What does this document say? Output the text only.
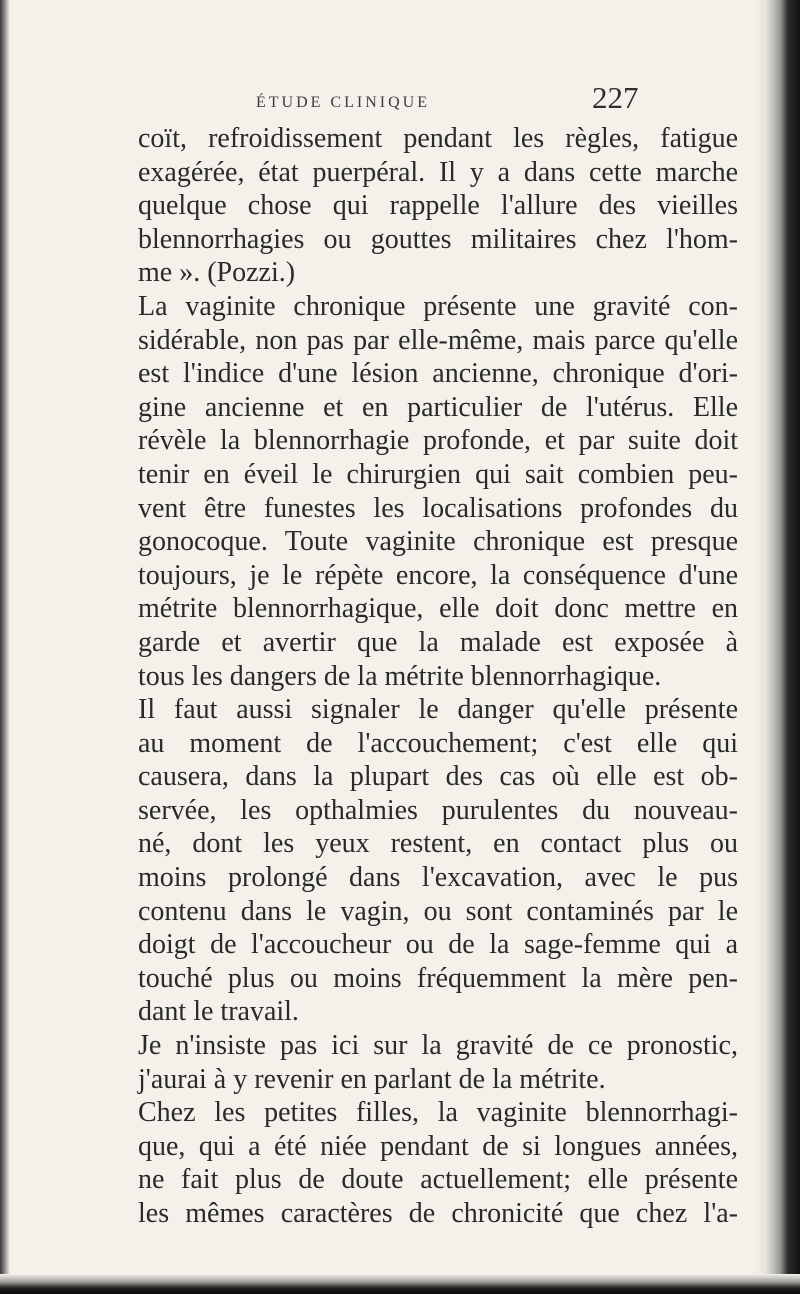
ÉTUDE CLINIQUE	227
coït, refroidissement pendant les règles, fatigue
exagérée, état puerpéral. Il y a dans cette marche
quelque chose qui rappelle l'allure des vieilles
blennorrhagies ou gouttes militaires chez l'hom-
me ». (Pozzi.)
La vaginite chronique présente une gravité con-
sidérable, non pas par elle-même, mais parce qu'elle
est l'indice d'une lésion ancienne, chronique d'ori-
gine ancienne et en particulier de l'utérus. Elle
révèle la blennorrhagie profonde, et par suite doit
tenir en éveil le chirurgien qui sait combien peu-
vent être funestes les localisations profondes du
gonocoque. Toute vaginite chronique est presque
toujours, je le répète encore, la conséquence d'une
métrite blennorrhagique, elle doit donc mettre en
garde et avertir que la malade est exposée à
tous les dangers de la métrite blennorrhagique.
Il faut aussi signaler le danger qu'elle présente
au moment de l'accouchement; c'est elle qui
causera, dans la plupart des cas où elle est ob-
servée, les opthalmies purulentes du nouveau-
né, dont les yeux restent, en contact plus ou
moins prolongé dans l'excavation, avec le pus
contenu dans le vagin, ou sont contaminés par le
doigt de l'accoucheur ou de la sage-femme qui a
touché plus ou moins fréquemment la mère pen-
dant le travail.
Je n'insiste pas ici sur la gravité de ce pronostic,
j'aurai à y revenir en parlant de la métrite.
Chez les petites filles, la vaginite blennorrhagi-
que, qui a été niée pendant de si longues années,
ne fait plus de doute actuellement; elle présente
les mêmes caractères de chronicité que chez l'a-
